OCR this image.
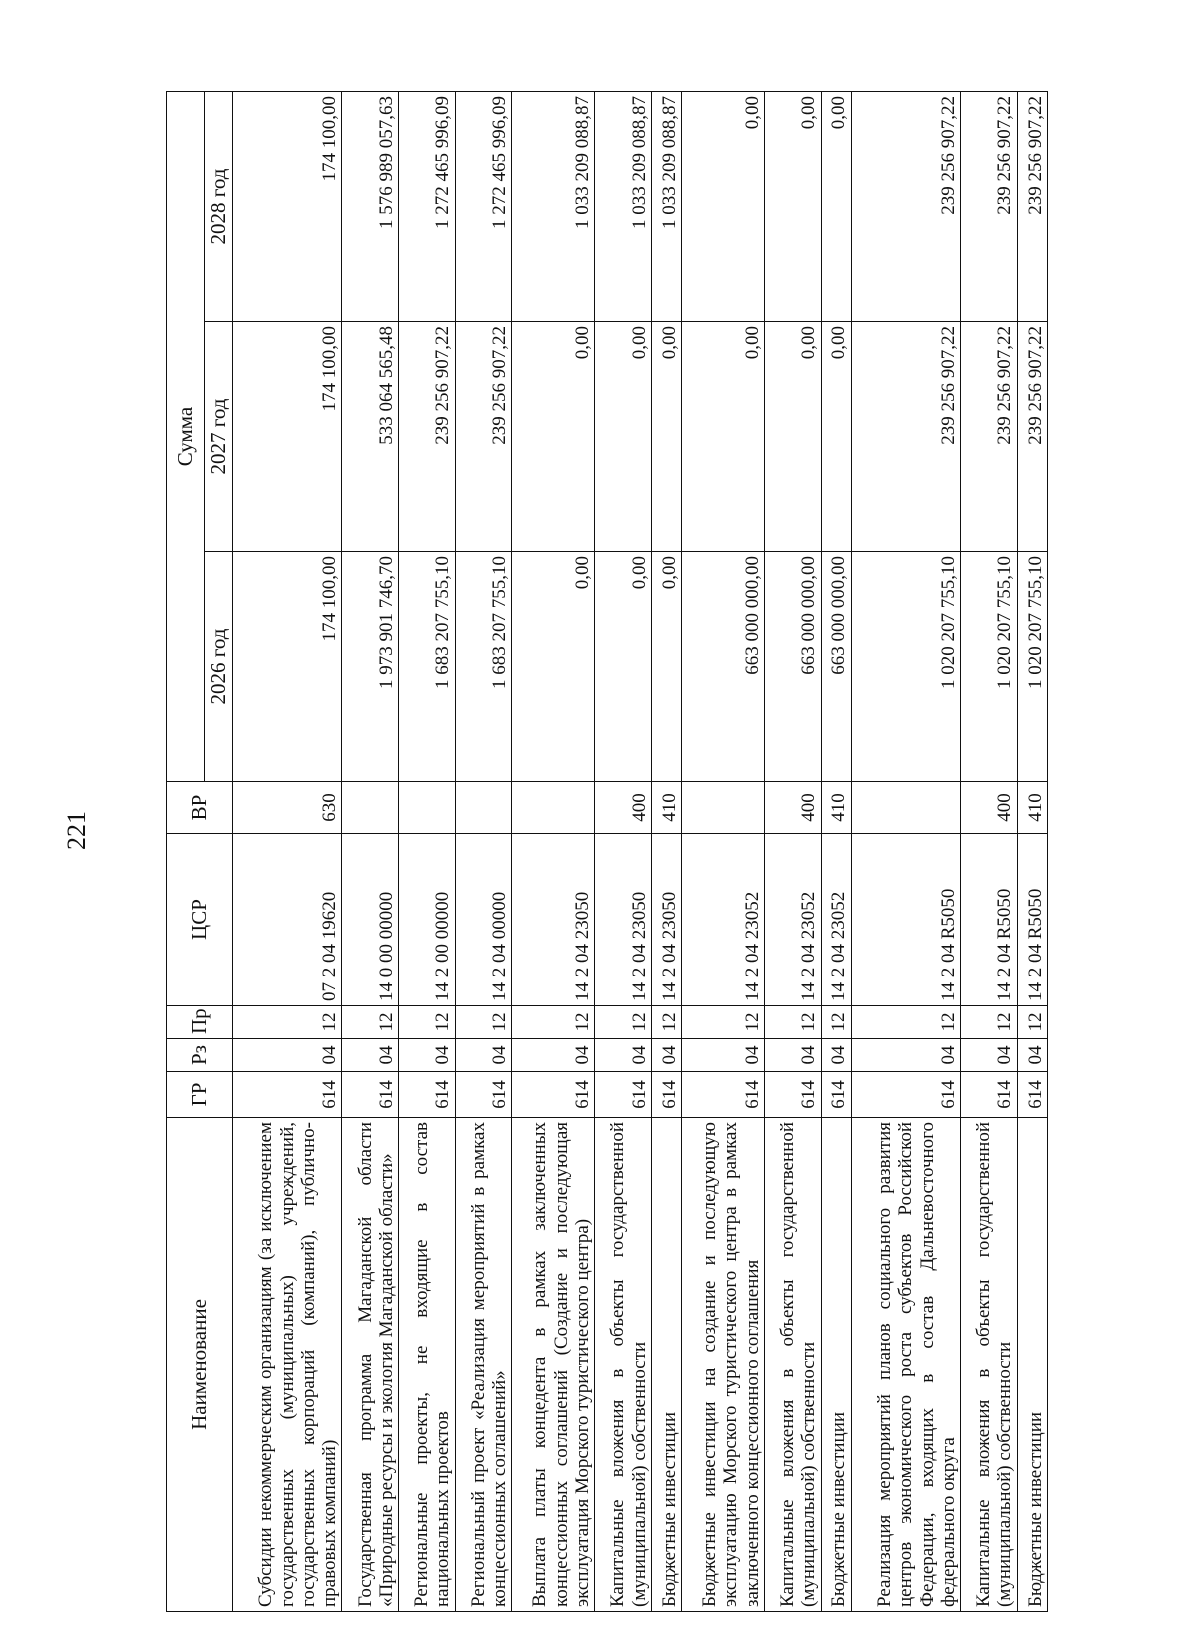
221
Наименование	ГР	Рз	Пр	ЦСР	ВР	Сумма		
						2026 год	2027 год	2028 год
Субсидии некоммерческим организациям (за исключением государственных (муниципальных) учреждений, государственных корпораций (компаний), публично-правовых компаний)	614	04	12	07 2 04 19620	630	174 100,00	174 100,00	174 100,00
Государственная программа Магаданской области «Природные ресурсы и экология Магаданской области»	614	04	12	14 0 00 00000		1 973 901 746,70	533 064 565,48	1 576 989 057,63
Региональные проекты, не входящие в состав национальных проектов	614	04	12	14 2 00 00000		1 683 207 755,10	239 256 907,22	1 272 465 996,09
Региональный проект «Реализация мероприятий в рамках концессионных соглашений»	614	04	12	14 2 04 00000		1 683 207 755,10	239 256 907,22	1 272 465 996,09
Выплата платы концедента в рамках заключенных концессионных соглашений (Создание и последующая эксплуатация Морского туристического центра)	614	04	12	14 2 04 23050		0,00	0,00	1 033 209 088,87
Капитальные вложения в объекты государственной (муниципальной) собственности	614	04	12	14 2 04 23050	400	0,00	0,00	1 033 209 088,87
Бюджетные инвестиции	614	04	12	14 2 04 23050	410	0,00	0,00	1 033 209 088,87
Бюджетные инвестиции на создание и последующую эксплуатацию Морского туристического центра в рамках заключенного концессионного соглашения	614	04	12	14 2 04 23052		663 000 000,00	0,00	0,00
Капитальные вложения в объекты государственной (муниципальной) собственности	614	04	12	14 2 04 23052	400	663 000 000,00	0,00	0,00
Бюджетные инвестиции	614	04	12	14 2 04 23052	410	663 000 000,00	0,00	0,00
Реализация мероприятий планов социального развития центров экономического роста субъектов Российской Федерации, входящих в состав Дальневосточного федерального округа	614	04	12	14 2 04 R5050		1 020 207 755,10	239 256 907,22	239 256 907,22
Капитальные вложения в объекты государственной (муниципальной) собственности	614	04	12	14 2 04 R5050	400	1 020 207 755,10	239 256 907,22	239 256 907,22
Бюджетные инвестиции	614	04	12	14 2 04 R5050	410	1 020 207 755,10	239 256 907,22	239 256 907,22
